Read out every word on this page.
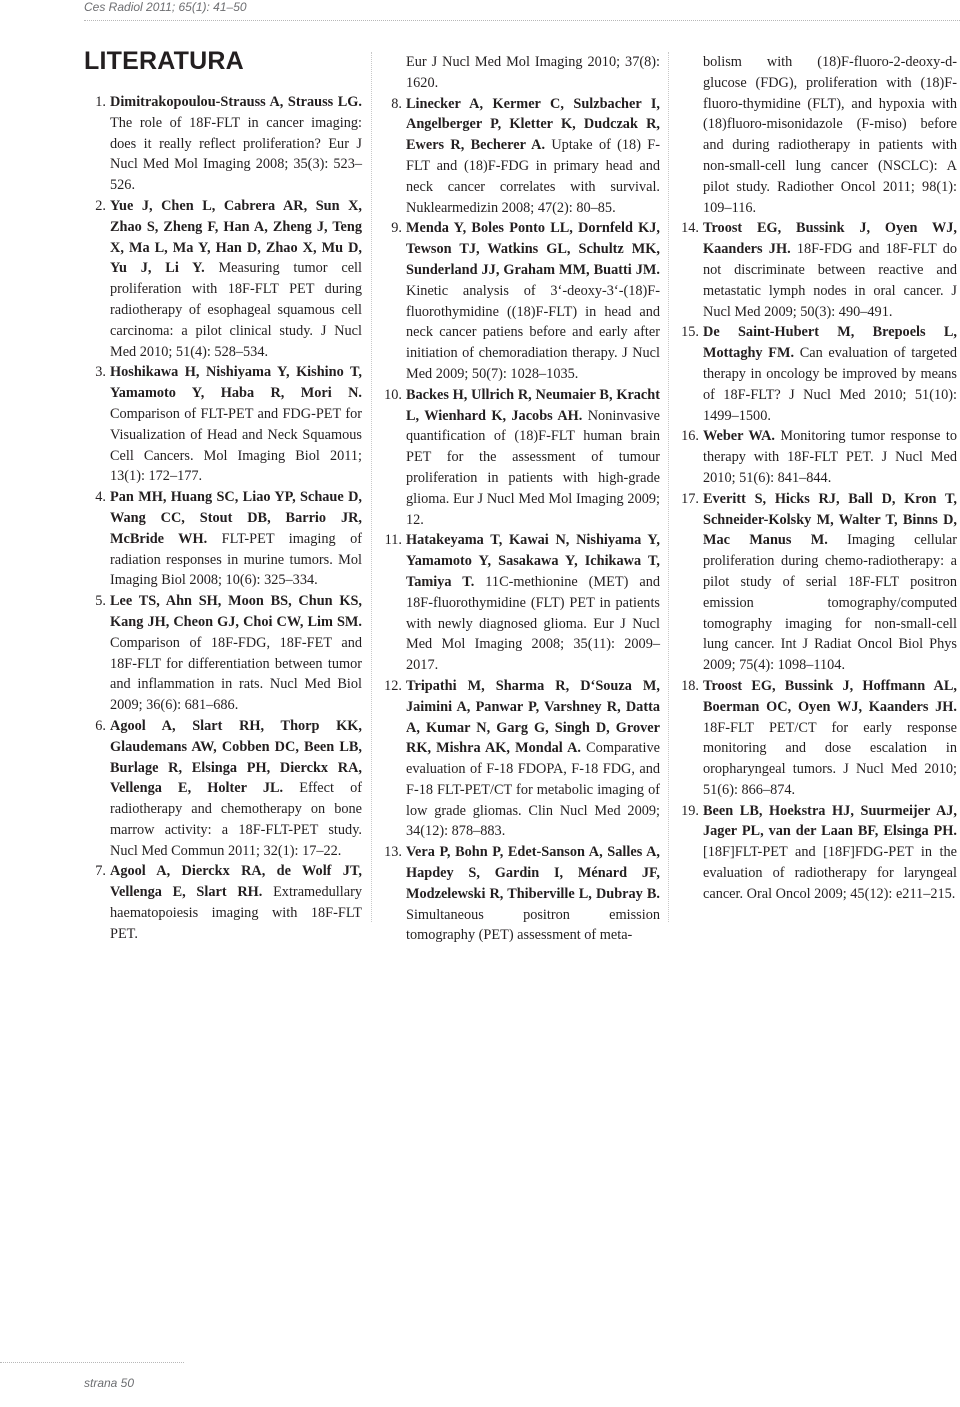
Ces Radiol 2011; 65(1): 41–50
LITERATURA
1. Dimitrakopoulou-Strauss A, Strauss LG. The role of 18F-FLT in cancer imaging: does it really reflect proliferation? Eur J Nucl Med Mol Imaging 2008; 35(3): 523–526.
2. Yue J, Chen L, Cabrera AR, Sun X, Zhao S, Zheng F, Han A, Zheng J, Teng X, Ma L, Ma Y, Han D, Zhao X, Mu D, Yu J, Li Y. Measuring tumor cell proliferation with 18F-FLT PET during radiotherapy of esophageal squamous cell carcinoma: a pilot clinical study. J Nucl Med 2010; 51(4): 528–534.
3. Hoshikawa H, Nishiyama Y, Kishino T, Yamamoto Y, Haba R, Mori N. Comparison of FLT-PET and FDG-PET for Visualization of Head and Neck Squamous Cell Cancers. Mol Imaging Biol 2011; 13(1): 172–177.
4. Pan MH, Huang SC, Liao YP, Schaue D, Wang CC, Stout DB, Barrio JR, McBride WH. FLT-PET imaging of radiation responses in murine tumors. Mol Imaging Biol 2008; 10(6): 325–334.
5. Lee TS, Ahn SH, Moon BS, Chun KS, Kang JH, Cheon GJ, Choi CW, Lim SM. Comparison of 18F-FDG, 18F-FET and 18F-FLT for differentiation between tumor and inflammation in rats. Nucl Med Biol 2009; 36(6): 681–686.
6. Agool A, Slart RH, Thorp KK, Glaudemans AW, Cobben DC, Been LB, Burlage R, Elsinga PH, Dierckx RA, Vellenga E, Holter JL. Effect of radiotherapy and chemotherapy on bone marrow activity: a 18F-FLT-PET study. Nucl Med Commun 2011; 32(1): 17–22.
7. Agool A, Dierckx RA, de Wolf JT, Vellenga E, Slart RH. Extramedullary haematopoiesis imaging with 18F-FLT PET.
Eur J Nucl Med Mol Imaging 2010; 37(8): 1620.
8. Linecker A, Kermer C, Sulzbacher I, Angelberger P, Kletter K, Dudczak R, Ewers R, Becherer A. Uptake of (18) F-FLT and (18)F-FDG in primary head and neck cancer correlates with survival. Nuklearmedizin 2008; 47(2): 80–85.
9. Menda Y, Boles Ponto LL, Dornfeld KJ, Tewson TJ, Watkins GL, Schultz MK, Sunderland JJ, Graham MM, Buatti JM. Kinetic analysis of 3‘-deoxy-3‘-(18)F-fluorothymidine ((18)F-FLT) in head and neck cancer patiens before and early after initiation of chemoradiation therapy. J Nucl Med 2009; 50(7): 1028–1035.
10. Backes H, Ullrich R, Neumaier B, Kracht L, Wienhard K, Jacobs AH. Noninvasive quantification of (18)F-FLT human brain PET for the assessment of tumour proliferation in patients with high-grade glioma. Eur J Nucl Med Mol Imaging 2009; 12.
11. Hatakeyama T, Kawai N, Nishiyama Y, Yamamoto Y, Sasakawa Y, Ichikawa T, Tamiya T. 11C-methionine (MET) and 18F-fluorothymidine (FLT) PET in patients with newly diagnosed glioma. Eur J Nucl Med Mol Imaging 2008; 35(11): 2009–2017.
12. Tripathi M, Sharma R, D‘Souza M, Jaimini A, Panwar P, Varshney R, Datta A, Kumar N, Garg G, Singh D, Grover RK, Mishra AK, Mondal A. Comparative evaluation of F-18 FDOPA, F-18 FDG, and F-18 FLT-PET/CT for metabolic imaging of low grade gliomas. Clin Nucl Med 2009; 34(12): 878–883.
13. Vera P, Bohn P, Edet-Sanson A, Salles A, Hapdey S, Gardin I, Ménard JF, Modzelewski R, Thiberville L, Dubray B. Simultaneous positron emission tomography (PET) assessment of meta-
bolism with (18)F-fluoro-2-deoxy-d-glucose (FDG), proliferation with (18)F-fluoro-thymidine (FLT), and hypoxia with (18)fluoro-misonidazole (F-miso) before and during radiotherapy in patients with non-small-cell lung cancer (NSCLC): A pilot study. Radiother Oncol 2011; 98(1): 109–116.
14. Troost EG, Bussink J, Oyen WJ, Kaanders JH. 18F-FDG and 18F-FLT do not discriminate between reactive and metastatic lymph nodes in oral cancer. J Nucl Med 2009; 50(3): 490–491.
15. De Saint-Hubert M, Brepoels L, Mottaghy FM. Can evaluation of targeted therapy in oncology be improved by means of 18F-FLT? J Nucl Med 2010; 51(10): 1499–1500.
16. Weber WA. Monitoring tumor response to therapy with 18F-FLT PET. J Nucl Med 2010; 51(6): 841–844.
17. Everitt S, Hicks RJ, Ball D, Kron T, Schneider-Kolsky M, Walter T, Binns D, Mac Manus M. Imaging cellular proliferation during chemo-radiotherapy: a pilot study of serial 18F-FLT positron emission tomography/computed tomography imaging for non-small-cell lung cancer. Int J Radiat Oncol Biol Phys 2009; 75(4): 1098–1104.
18. Troost EG, Bussink J, Hoffmann AL, Boerman OC, Oyen WJ, Kaanders JH. 18F-FLT PET/CT for early response monitoring and dose escalation in oropharyngeal tumors. J Nucl Med 2010; 51(6): 866–874.
19. Been LB, Hoekstra HJ, Suurmeijer AJ, Jager PL, van der Laan BF, Elsinga PH. [18F]FLT-PET and [18F]FDG-PET in the evaluation of radiotherapy for laryngeal cancer. Oral Oncol 2009; 45(12): e211–215.
strana 50
